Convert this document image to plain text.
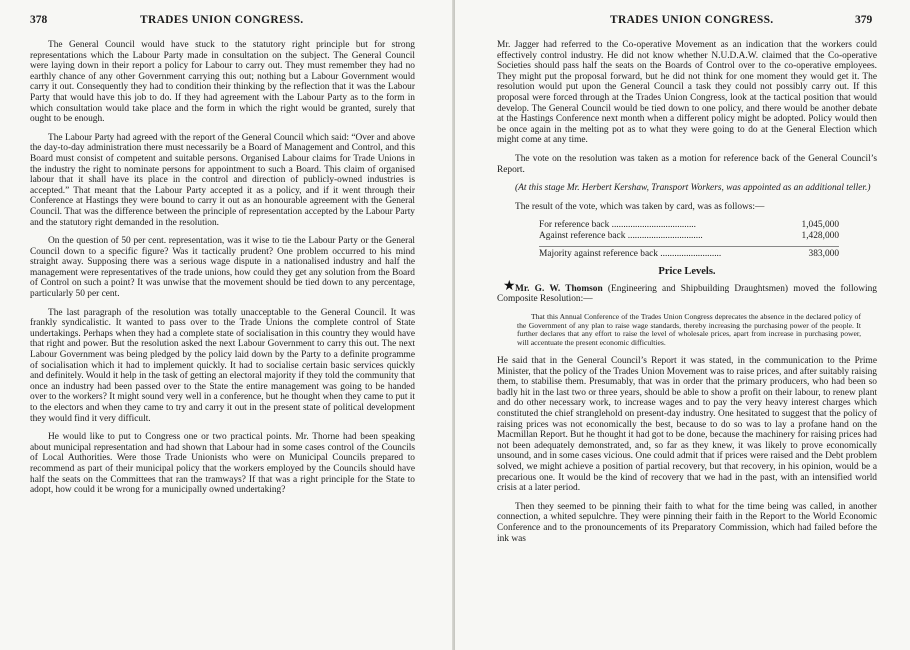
378	TRADES UNION CONGRESS.

The General Council would have stuck to the statutory right principle but for strong representations which the Labour Party made in consultation on the subject. The General Council were laying down in their report a policy for Labour to carry out. They must remember they had no earthly chance of any other Government carrying this out; nothing but a Labour Government would carry it out. Consequently they had to condition their thinking by the reflection that it was the Labour Party that would have this job to do. If they had agreement with the Labour Party as to the form in which consultation would take place and the form in which the right would be granted, surely that ought to be enough.

The Labour Party had agreed with the report of the General Council which said: “Over and above the day-to-day administration there must necessarily be a Board of Management and Control, and this Board must consist of competent and suitable persons. Organised Labour claims for Trade Unions in the industry the right to nominate persons for appointment to such a Board. This claim of organised labour that it shall have its place in the control and direction of publicly-owned industries is accepted.” That meant that the Labour Party accepted it as a policy, and if it went through their Conference at Hastings they were bound to carry it out as an honourable agreement with the General Council. That was the difference between the principle of representation accepted by the Labour Party and the statutory right demanded in the resolution.

On the question of 50 per cent. representation, was it wise to tie the Labour Party or the General Council down to a specific figure? Was it tactically prudent? One problem occurred to his mind straight away. Supposing there was a serious wage dispute in a nationalised industry and half the management were representatives of the trade unions, how could they get any solution from the Board of Control on such a point? It was unwise that the movement should be tied down to any percentage, particularly 50 per cent.

The last paragraph of the resolution was totally unacceptable to the General Council. It was frankly syndicalistic. It wanted to pass over to the Trade Unions the complete control of State undertakings. Perhaps when they had a complete state of socialisation in this country they would have that right and power. But the resolution asked the next Labour Government to carry this out. The next Labour Government was being pledged by the policy laid down by the Party to a definite programme of socialisation which it had to implement quickly. It had to socialise certain basic services quickly and definitely. Would it help in the task of getting an electoral majority if they told the community that once an industry had been passed over to the State the entire management was going to be handed over to the workers? It might sound very well in a conference, but he thought when they came to put it to the electors and when they came to try and carry it out in the present state of political development they would find it very difficult.

He would like to put to Congress one or two practical points. Mr. Thorne had been speaking about municipal representation and had shown that Labour had in some cases control of the Councils of Local Authorities. Were those Trade Unionists who were on Municipal Councils prepared to recommend as part of their municipal policy that the workers employed by the Councils should have half the seats on the Committees that ran the tramways? If that was a right principle for the State to adopt, how could it be wrong for a municipally owned undertaking?

TRADES UNION CONGRESS.	379

Mr. Jagger had referred to the Co-operative Movement as an indication that the workers could effectively control industry. He did not know whether N.U.D.A.W. claimed that the Co-operative Societies should pass half the seats on the Boards of Control over to the co-operative employees. They might put the proposal forward, but he did not think for one moment they would get it. The resolution would put upon the General Council a task they could not possibly carry out. If this proposal were forced through at the Trades Union Congress, look at the tactical position that would develop. The General Council would be tied down to one policy, and there would be another debate at the Hastings Conference next month when a different policy might be adopted. Policy would then be once again in the melting pot as to what they were going to do at the General Election which might come at any time.

The vote on the resolution was taken as a motion for reference back of the General Council’s Report.

(At this stage Mr. Herbert Kershaw, Transport Workers, was appointed as an additional teller.)

The result of the vote, which was taken by card, was as follows:—

For reference back ....................................	1,045,000
Against reference back ................................	1,428,000
Majority against reference back ..........................	383,000
Price Levels.

Mr. G. W. Thomson (Engineering and Shipbuilding Draughtsmen) moved the following Composite Resolution:—

That this Annual Conference of the Trades Union Congress deprecates the absence in the declared policy of the Government of any plan to raise wage standards, thereby increasing the purchasing power of the people. It further declares that any effort to raise the level of wholesale prices, apart from increase in purchasing power, will accentuate the present economic difficulties.

He said that in the General Council’s Report it was stated, in the communication to the Prime Minister, that the policy of the Trades Union Movement was to raise prices, and after suitably raising them, to stabilise them. Presumably, that was in order that the primary producers, who had been so badly hit in the last two or three years, should be able to show a profit on their labour, to renew plant and do other necessary work, to increase wages and to pay the very heavy interest charges which constituted the chief stranglehold on present-day industry. One hesitated to suggest that the policy of raising prices was not economically the best, because to do so was to lay a profane hand on the Macmillan Report. But he thought it had got to be done, because the machinery for raising prices had not been adequately demonstrated, and, so far as they knew, it was likely to prove economically unsound, and in some cases vicious. One could admit that if prices were raised and the Debt problem solved, we might achieve a position of partial recovery, but that recovery, in his opinion, would be a precarious one. It would be the kind of recovery that we had in the past, with an intensified world crisis at a later period.

Then they seemed to be pinning their faith to what for the time being was called, in another connection, a whited sepulchre. They were pinning their faith in the Report to the World Economic Conference and to the pronouncements of its Preparatory Commission, which had failed before the ink was

★
